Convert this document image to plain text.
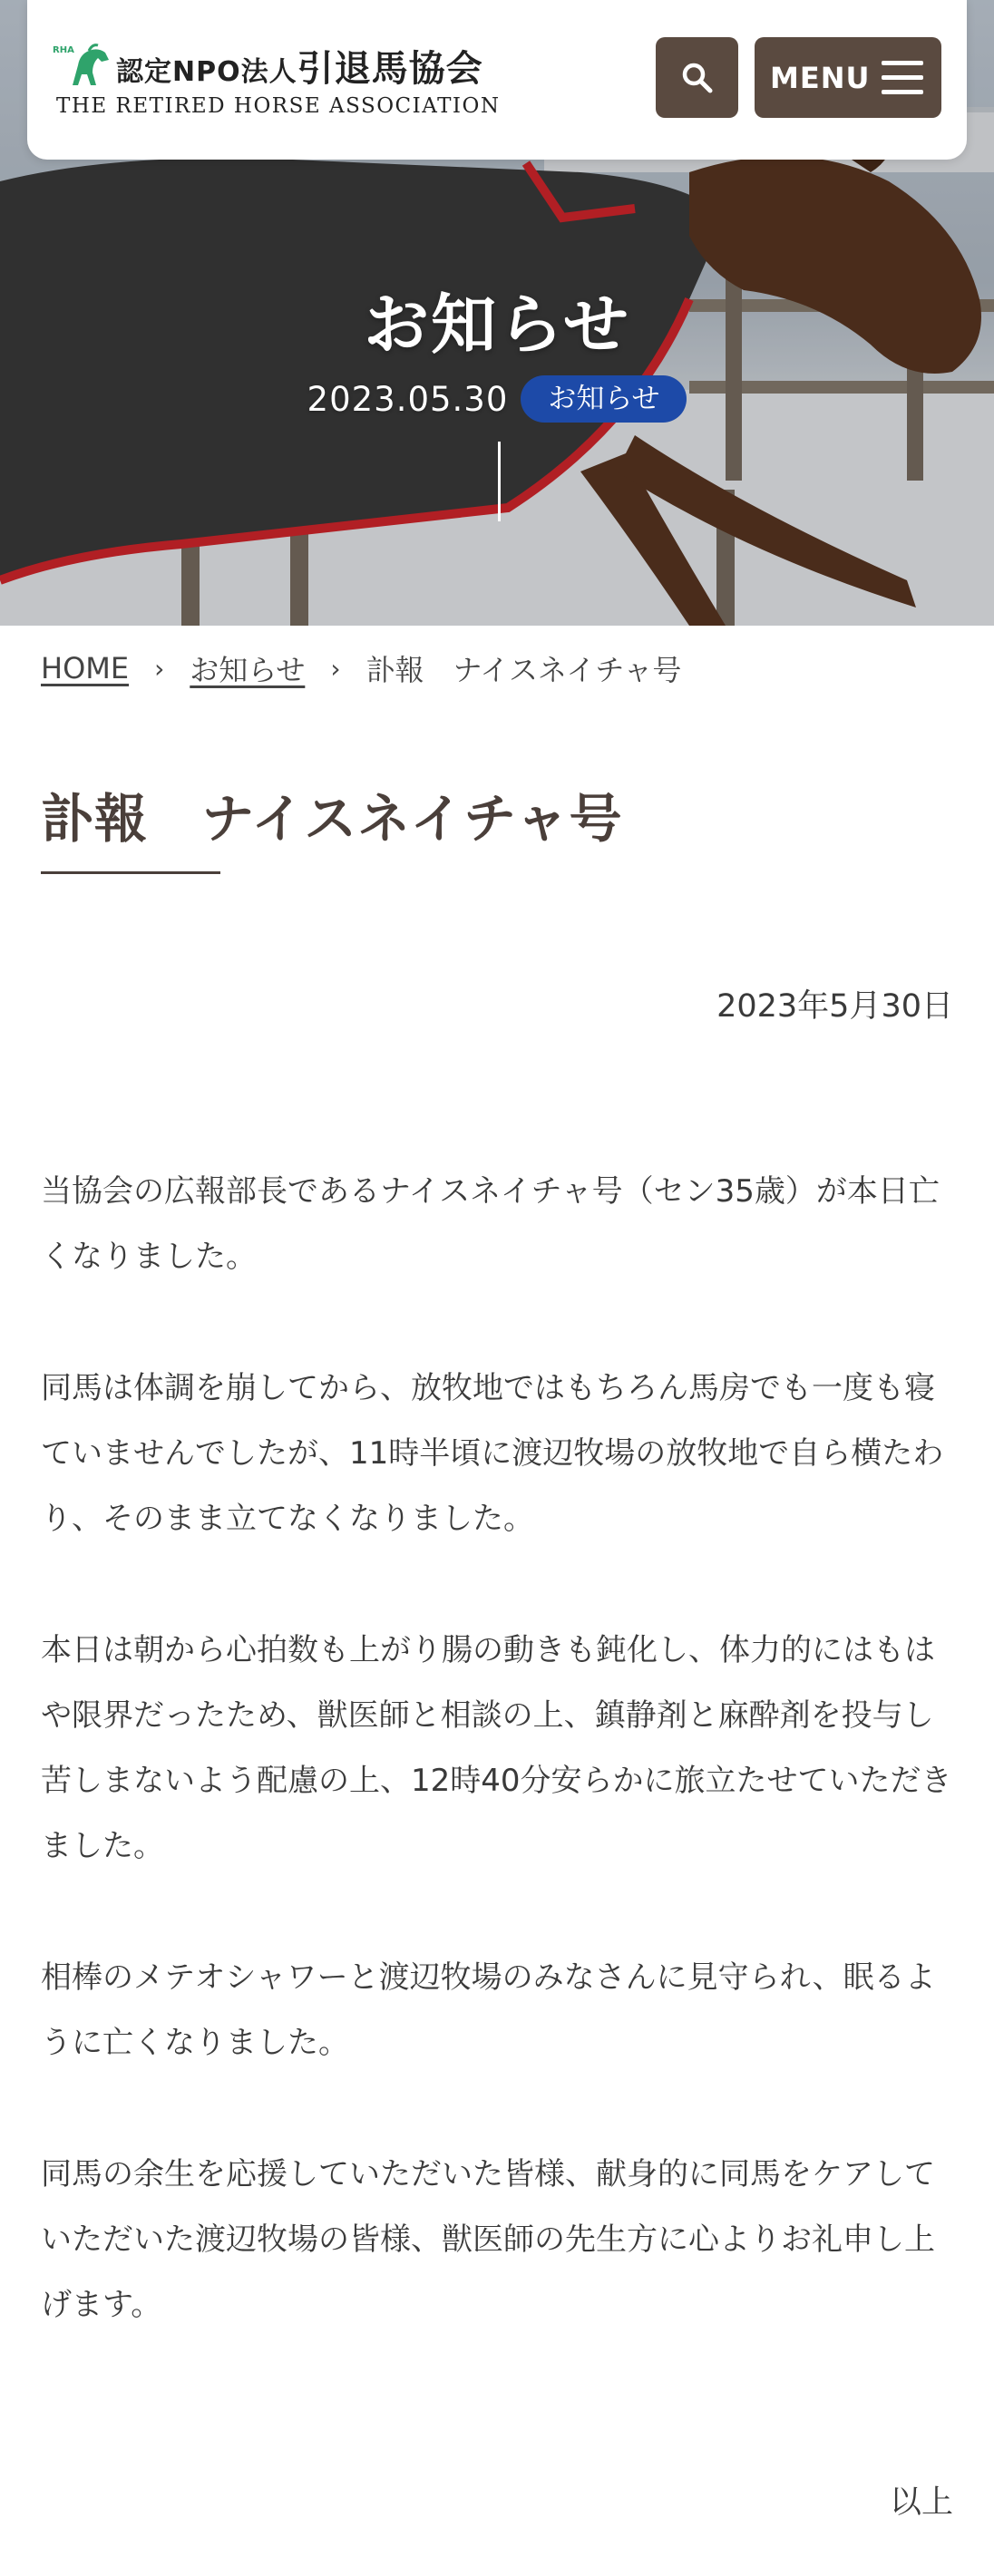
お知らせ
2023.05.30	お知らせ
RHA
認定NPO法人引退馬協会
THE RETIRED HORSE ASSOCIATION
MENU
HOME › お知らせ › 訃報　ナイスネイチャ号
訃報　ナイスネイチャ号
2023年5月30日

当協会の広報部長であるナイスネイチャ号（セン35歳）が本日亡くなりました。

同馬は体調を崩してから、放牧地ではもちろん馬房でも一度も寝ていませんでしたが、11時半頃に渡辺牧場の放牧地で自ら横たわり、そのまま立てなくなりました。

本日は朝から心拍数も上がり腸の動きも鈍化し、体力的にはもはや限界だったため、獣医師と相談の上、鎮静剤と麻酔剤を投与し苦しまないよう配慮の上、12時40分安らかに旅立たせていただきました。

相棒のメテオシャワーと渡辺牧場のみなさんに見守られ、眠るように亡くなりました。

同馬の余生を応援していただいた皆様、献身的に同馬をケアしていただいた渡辺牧場の皆様、獣医師の先生方に心よりお礼申し上げます。

以上
